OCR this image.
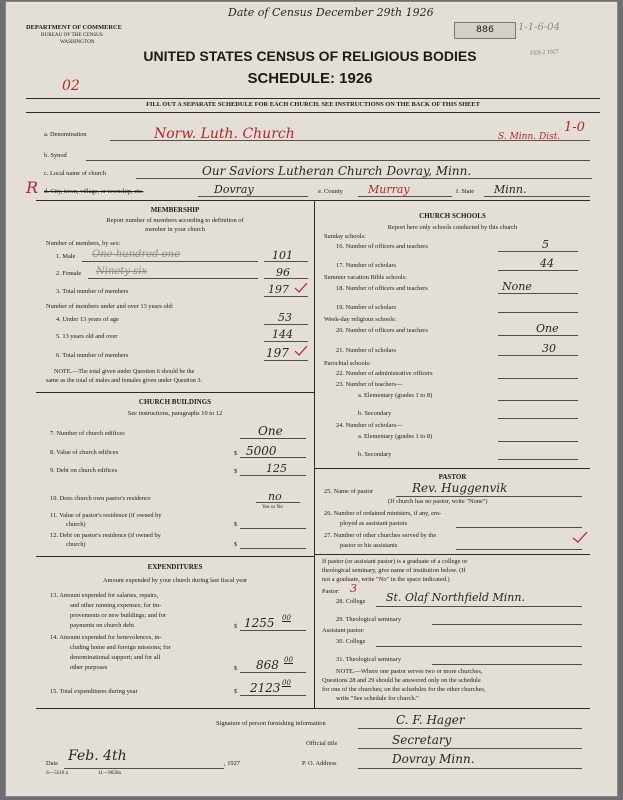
DEPARTMENT OF COMMERCE
BUREAU OF THE CENSUS
WASHINGTON
Date of Census December 29th 1926
886	1-1-6-04
FEB 2 1927
UNITED STATES CENSUS OF RELIGIOUS BODIES
SCHEDULE: 1926
02
FILL OUT A SEPARATE SCHEDULE FOR EACH CHURCH. SEE INSTRUCTIONS ON THE BACK OF THIS SHEET
a. Denomination	Norw. Luth. Church	S. Minn. Dist.
1-0
b. Synod
c. Local name of church	Our Saviors Lutheran Church Dovray, Minn.
R d. City, town, village, or township, etc.	Dovray	e. County Murray	f. State Minn.
MEMBERSHIP
Report number of members according to definition of
member in your church
Number of members, by sex:
1. Male One hundred one	101
2. Female Ninety six	96
3. Total number of members	197
Number of members under and over 13 years old:
4. Under 13 years of age	53
5. 13 years old and over	144
6. Total number of members	197
NOTE.—The total given under Question 6 should be the
same as the total of males and females given under Question 3.
CHURCH BUILDINGS
See instructions, paragraphs 10 to 12
7. Number of church edifices	One
8. Value of church edifices	$ 5000
9. Debt on church edifices	$	125
10. Does church own pastor's residence	no
Yes or No
11. Value of pastor's residence (if owned by
church)	$
12. Debt on pastor's residence (if owned by
church)	$
EXPENDITURES
Amount expended by your church during last fiscal year
13. Amount expended for salaries, repairs,
and other running expenses; for im-
provements or new buildings; and for
payments on church debt	$ 1255 00
14. Amount expended for benevolences, in-
cluding home and foreign missions; for
denominational support; and for all
other purposes	$ 868 00
15. Total expenditures during year	$ 2123 00
CHURCH SCHOOLS
Report here only schools conducted by this church
Sunday schools:
16. Number of officers and teachers	5
17. Number of scholars	44
Summer vacation Bible schools:
18. Number of officers and teachers	None
19. Number of scholars
Week-day religious schools:
20. Number of officers and teachers	One
21. Number of scholars	30
Parochial schools:
22. Number of administrative officers
23. Number of teachers—
a. Elementary (grades 1 to 8)
b. Secondary
24. Number of scholars—
a. Elementary (grades 1 to 8)
b. Secondary
PASTOR
25. Name of pastor	Rev. Huggenvik
(If church has no pastor, write "None")
26. Number of ordained ministers, if any, em-
ployed as assistant pastors
27. Number of other churches served by the
pastor or his assistants
If pastor (or assistant pastor) is a graduate of a college or
theological seminary, give name of institution below. (If
not a graduate, write "No" in the space indicated.)
Pastor: 3
28. College St. Olaf Northfield Minn.
29. Theological seminary
Assistant pastor:
30. College
31. Theological seminary
NOTE.—Where one pastor serves two or more churches,
Questions 28 and 29 should be answered only on the schedule
for one of the churches; on the schedules for the other churches,
write "See schedule for church."
Signature of person furnishing information	C. F. Hager
Official title	Secretary
Date Feb. 4th	, 1927
S—5518 a	11—9658a
P. O. Address	Dovray Minn.
